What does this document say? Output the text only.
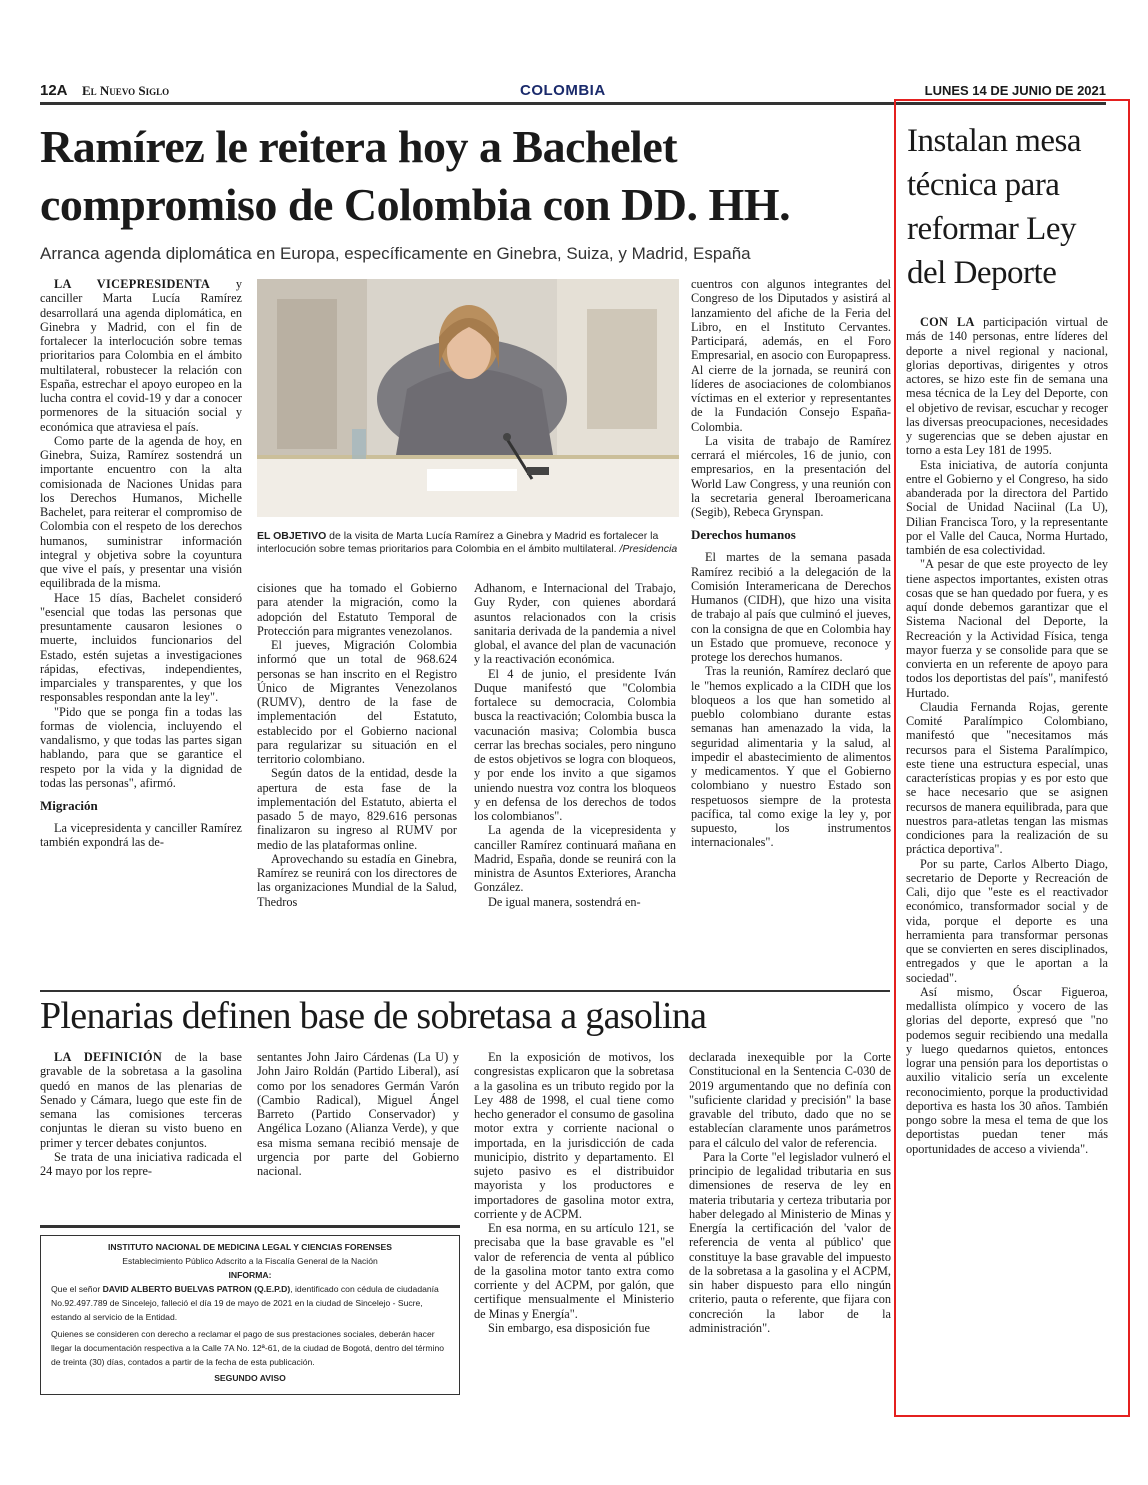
12A El Nuevo Siglo	COLOMBIA	LUNES 14 DE JUNIO DE 2021
Ramírez le reitera hoy a Bachelet
compromiso de Colombia con DD. HH.
Arranca agenda diplomática en Europa, específicamente en Ginebra, Suiza, y Madrid, España

LA VICEPRESIDENTA y canciller Marta Lucía Ramírez desarrollará una agenda diplomática, en Ginebra y Madrid, con el fin de fortalecer la interlocución sobre temas prioritarios para Colombia en el ámbito multilateral, robustecer la relación con España, estrechar el apoyo europeo en la lucha contra el covid-19 y dar a conocer pormenores de la situación social y económica que atraviesa el país.

Como parte de la agenda de hoy, en Ginebra, Suiza, Ramírez sostendrá un importante encuentro con la alta comisionada de Naciones Unidas para los Derechos Humanos, Michelle Bachelet, para reiterar el compromiso de Colombia con el respeto de los derechos humanos, suministrar información integral y objetiva sobre la coyuntura que vive el país, y presentar una visión equilibrada de la misma.

Hace 15 días, Bachelet consideró "esencial que todas las personas que presuntamente causaron lesiones o muerte, incluidos funcionarios del Estado, estén sujetas a investigaciones rápidas, efectivas, independientes, imparciales y transparentes, y que los responsables respondan ante la ley".

"Pido que se ponga fin a todas las formas de violencia, incluyendo el vandalismo, y que todas las partes sigan hablando, para que se garantice el respeto por la vida y la dignidad de todas las personas", afirmó.

Migración

La vicepresidenta y canciller Ramírez también expondrá las de-

EL OBJETIVO de la visita de Marta Lucía Ramírez a Ginebra y Madrid es fortalecer la interlocución sobre temas prioritarios para Colombia en el ámbito multilateral. /Presidencia

cisiones que ha tomado el Gobierno para atender la migración, como la adopción del Estatuto Temporal de Protección para migrantes venezolanos.

El jueves, Migración Colombia informó que un total de 968.624 personas se han inscrito en el Registro Único de Migrantes Venezolanos (RUMV), dentro de la fase de implementación del Estatuto, establecido por el Gobierno nacional para regularizar su situación en el territorio colombiano.

Según datos de la entidad, desde la apertura de esta fase de la implementación del Estatuto, abierta el pasado 5 de mayo, 829.616 personas finalizaron su ingreso al RUMV por medio de las plataformas online.

Aprovechando su estadía en Ginebra, Ramírez se reunirá con los directores de las organizaciones Mundial de la Salud, Thedros

Adhanom, e Internacional del Trabajo, Guy Ryder, con quienes abordará asuntos relacionados con la crisis sanitaria derivada de la pandemia a nivel global, el avance del plan de vacunación y la reactivación económica.

El 4 de junio, el presidente Iván Duque manifestó que "Colombia fortalece su democracia, Colombia busca la reactivación; Colombia busca la vacunación masiva; Colombia busca cerrar las brechas sociales, pero ninguno de estos objetivos se logra con bloqueos, y por ende los invito a que sigamos uniendo nuestra voz contra los bloqueos y en defensa de los derechos de todos los colombianos".

La agenda de la vicepresidenta y canciller Ramírez continuará mañana en Madrid, España, donde se reunirá con la ministra de Asuntos Exteriores, Arancha González.

De igual manera, sostendrá en-

cuentros con algunos integrantes del Congreso de los Diputados y asistirá al lanzamiento del afiche de la Feria del Libro, en el Instituto Cervantes. Participará, además, en el Foro Empresarial, en asocio con Europapress. Al cierre de la jornada, se reunirá con líderes de asociaciones de colombianos víctimas en el exterior y representantes de la Fundación Consejo España-Colombia.

La visita de trabajo de Ramírez cerrará el miércoles, 16 de junio, con empresarios, en la presentación del World Law Congress, y una reunión con la secretaria general Iberoamericana (Segib), Rebeca Grynspan.

Derechos humanos

El martes de la semana pasada Ramírez recibió a la delegación de la Comisión Interamericana de Derechos Humanos (CIDH), que hizo una visita de trabajo al país que culminó el jueves, con la consigna de que en Colombia hay un Estado que promueve, reconoce y protege los derechos humanos.

Tras la reunión, Ramírez declaró que le "hemos explicado a la CIDH que los bloqueos a los que han sometido al pueblo colombiano durante estas semanas han amenazado la vida, la seguridad alimentaria y la salud, al impedir el abastecimiento de alimentos y medicamentos. Y que el Gobierno colombiano y nuestro Estado son respetuosos siempre de la protesta pacífica, tal como exige la ley y, por supuesto, los instrumentos internacionales".

Plenarias definen base de sobretasa a gasolina

LA DEFINICIÓN de la base gravable de la sobretasa a la gasolina quedó en manos de las plenarias de Senado y Cámara, luego que este fin de semana las comisiones terceras conjuntas le dieran su visto bueno en primer y tercer debates conjuntos.

Se trata de una iniciativa radicada el 24 mayo por los repre-

sentantes John Jairo Cárdenas (La U) y John Jairo Roldán (Partido Liberal), así como por los senadores Germán Varón (Cambio Radical), Miguel Ángel Barreto (Partido Conservador) y Angélica Lozano (Alianza Verde), y que esa misma semana recibió mensaje de urgencia por parte del Gobierno nacional.

En la exposición de motivos, los congresistas explicaron que la sobretasa a la gasolina es un tributo regido por la Ley 488 de 1998, el cual tiene como hecho generador el consumo de gasolina motor extra y corriente nacional o importada, en la jurisdicción de cada municipio, distrito y departamento. El sujeto pasivo es el distribuidor mayorista y los productores e importadores de gasolina motor extra, corriente y de ACPM.

En esa norma, en su artículo 121, se precisaba que la base gravable es "el valor de referencia de venta al público de la gasolina motor tanto extra como corriente y del ACPM, por galón, que certifique mensualmente el Ministerio de Minas y Energía".

Sin embargo, esa disposición fue

declarada inexequible por la Corte Constitucional en la Sentencia C-030 de 2019 argumentando que no definía con "suficiente claridad y precisión" la base gravable del tributo, dado que no se establecían claramente unos parámetros para el cálculo del valor de referencia.

Para la Corte "el legislador vulneró el principio de legalidad tributaria en sus dimensiones de reserva de ley en materia tributaria y certeza tributaria por haber delegado al Ministerio de Minas y Energía la certificación del 'valor de referencia de venta al público' que constituye la base gravable del impuesto de la sobretasa a la gasolina y el ACPM, sin haber dispuesto para ello ningún criterio, pauta o referente, que fijara con concreción la labor de la administración".

INSTITUTO NACIONAL DE MEDICINA LEGAL Y CIENCIAS FORENSES
Establecimiento Público Adscrito a la Fiscalía General de la Nación
INFORMA:
Que el señor DAVID ALBERTO BUELVAS PATRON (Q.E.P.D), identificado con cédula de ciudadanía No.92.497.789 de Sincelejo, falleció el día 19 de mayo de 2021 en la ciudad de Sincelejo - Sucre, estando al servicio de la Entidad.
Quienes se consideren con derecho a reclamar el pago de sus prestaciones sociales, deberán hacer llegar la documentación respectiva a la Calle 7A No. 12ª-61, de la ciudad de Bogotá, dentro del término de treinta (30) días, contados a partir de la fecha de esta publicación.
SEGUNDO AVISO
Instalan mesa
técnica para
reformar Ley
del Deporte

CON LA participación virtual de más de 140 personas, entre líderes del deporte a nivel regional y nacional, glorias deportivas, dirigentes y otros actores, se hizo este fin de semana una mesa técnica de la Ley del Deporte, con el objetivo de revisar, escuchar y recoger las diversas preocupaciones, necesidades y sugerencias que se deben ajustar en torno a esta Ley 181 de 1995.

Esta iniciativa, de autoría conjunta entre el Gobierno y el Congreso, ha sido abanderada por la directora del Partido Social de Unidad Naciinal (La U), Dilian Francisca Toro, y la representante por el Valle del Cauca, Norma Hurtado, también de esa colectividad.

"A pesar de que este proyecto de ley tiene aspectos importantes, existen otras cosas que se han quedado por fuera, y es aquí donde debemos garantizar que el Sistema Nacional del Deporte, la Recreación y la Actividad Física, tenga mayor fuerza y se consolide para que se convierta en un referente de apoyo para todos los deportistas del país", manifestó Hurtado.

Claudia Fernanda Rojas, gerente Comité Paralímpico Colombiano, manifestó que "necesitamos más recursos para el Sistema Paralímpico, este tiene una estructura especial, unas características propias y es por esto que se hace necesario que se asignen recursos de manera equilibrada, para que nuestros para-atletas tengan las mismas condiciones para la realización de su práctica deportiva".

Por su parte, Carlos Alberto Diago, secretario de Deporte y Recreación de Cali, dijo que "este es el reactivador económico, transformador social y de vida, porque el deporte es una herramienta para transformar personas que se convierten en seres disciplinados, entregados y que le aportan a la sociedad".

Así mismo, Óscar Figueroa, medallista olímpico y vocero de las glorias del deporte, expresó que "no podemos seguir recibiendo una medalla y luego quedarnos quietos, entonces lograr una pensión para los deportistas o auxilio vitalicio sería un excelente reconocimiento, porque la productividad deportiva es hasta los 30 años. También pongo sobre la mesa el tema de que los deportistas puedan tener más oportunidades de acceso a vivienda".
